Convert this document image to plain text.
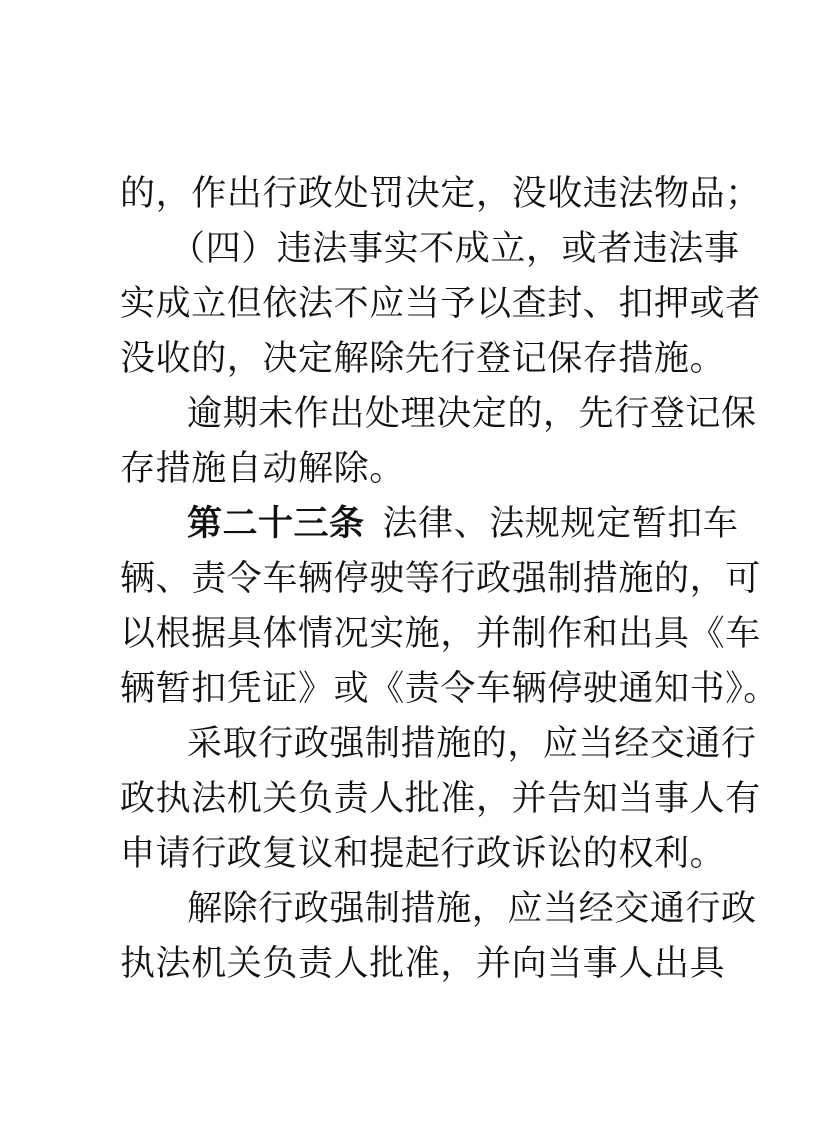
的，作出行政处罚决定，没收违法物品；
（四）违法事实不成立，或者违法事
实成立但依法不应当予以查封、扣押或者
没收的，决定解除先行登记保存措施。
逾期未作出处理决定的，先行登记保
存措施自动解除。
第二十三条 法律、法规规定暂扣车
辆、责令车辆停驶等行政强制措施的，可
以根据具体情况实施，并制作和出具《车
辆暂扣凭证》或《责令车辆停驶通知书》。
采取行政强制措施的，应当经交通行
政执法机关负责人批准，并告知当事人有
申请行政复议和提起行政诉讼的权利。
解除行政强制措施，应当经交通行政
执法机关负责人批准，并向当事人出具
